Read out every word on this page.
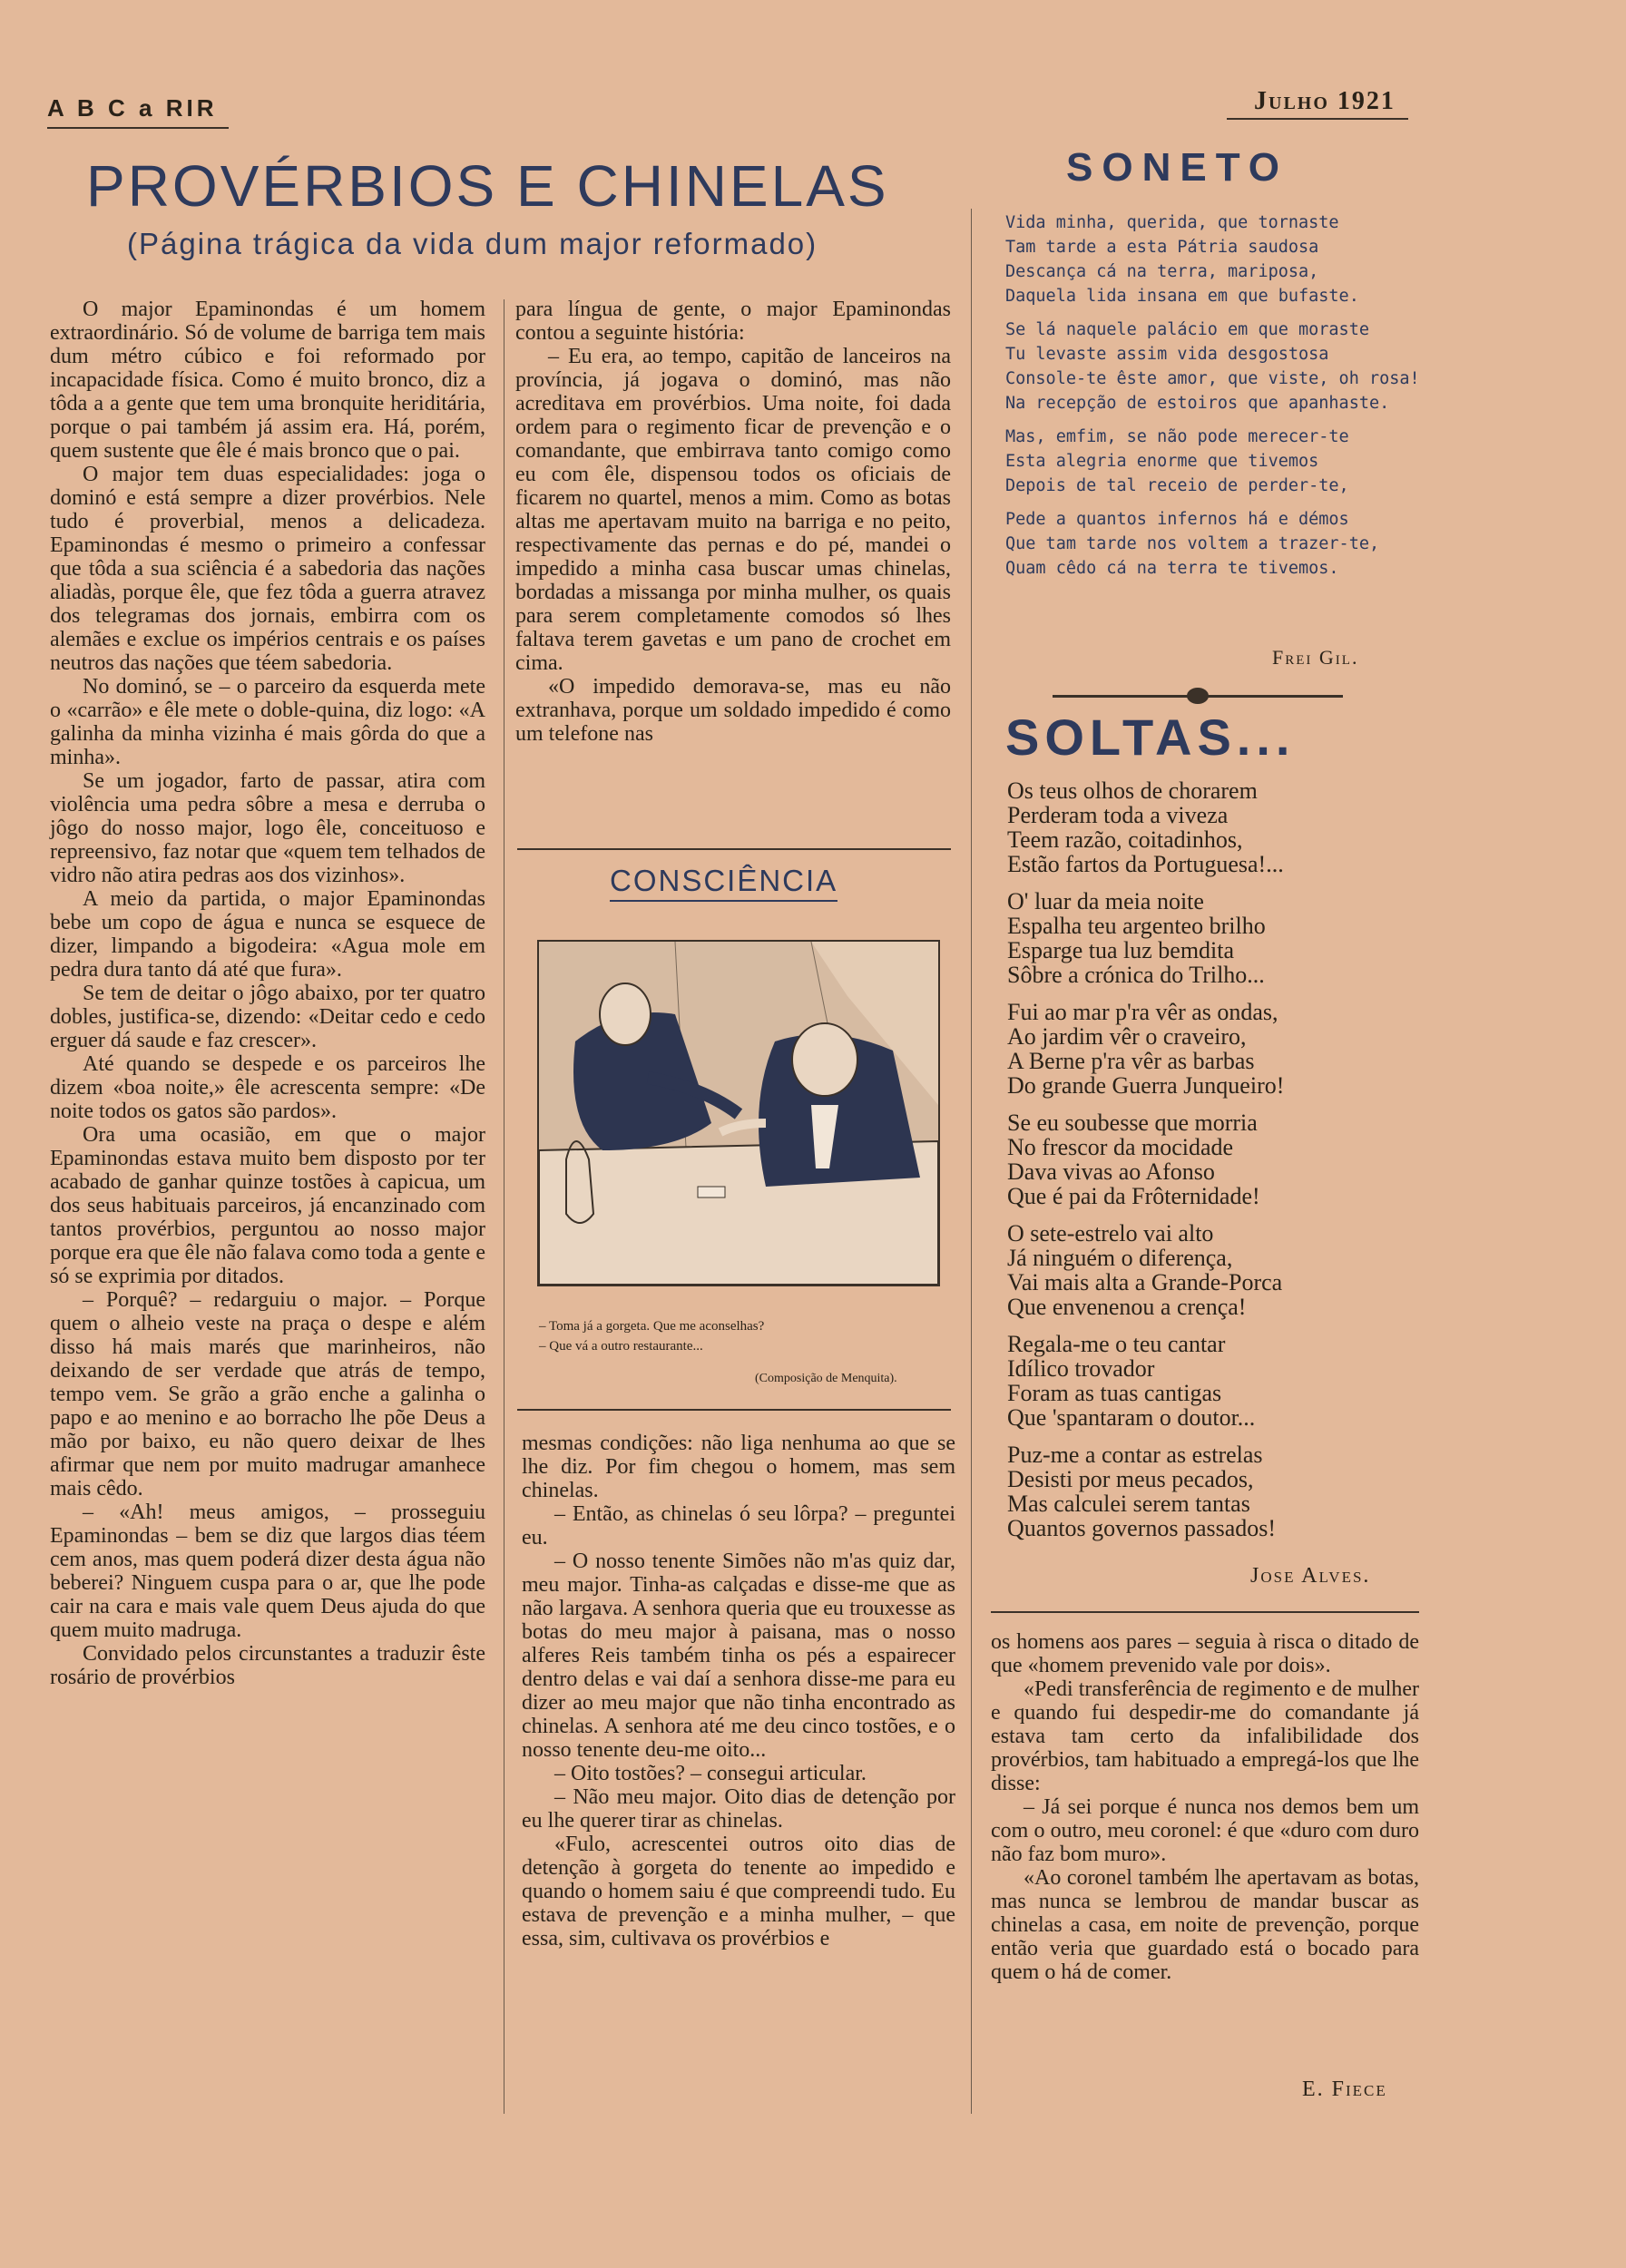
A B C a RIR	Julho 1921
PROVÉRBIOS E CHINELAS
(Página trágica da vida dum major reformado)

O major Epaminondas é um homem extraordinário. Só de volume de barriga tem mais dum métro cúbico e foi reformado por incapacidade física. Como é muito bronco, diz a tôda a a gente que tem uma bronquite heriditária, porque o pai também já assim era. Há, porém, quem sustente que êle é mais bronco que o pai.

O major tem duas especialidades: joga o dominó e está sempre a dizer provérbios. Nele tudo é proverbial, menos a delicadeza. Epaminondas é mesmo o primeiro a confessar que tôda a sua sciência é a sabedoria das nações aliadàs, porque êle, que fez tôda a guerra atravez dos telegramas dos jornais, embirra com os alemães e exclue os impérios centrais e os países neutros das nações que téem sabedoria.

No dominó, se – o parceiro da esquerda mete o «carrão» e êle mete o doble-quina, diz logo: «A galinha da minha vizinha é mais gôrda do que a minha».

Se um jogador, farto de passar, atira com violência uma pedra sôbre a mesa e derruba o jôgo do nosso major, logo êle, conceituoso e repreensivo, faz notar que «quem tem telhados de vidro não atira pedras aos dos vizinhos».

A meio da partida, o major Epaminondas bebe um copo de água e nunca se esquece de dizer, limpando a bigodeira: «Agua mole em pedra dura tanto dá até que fura».

Se tem de deitar o jôgo abaixo, por ter quatro dobles, justifica-se, dizendo: «Deitar cedo e cedo erguer dá saude e faz crescer».

Até quando se despede e os parceiros lhe dizem «boa noite,» êle acrescenta sempre: «De noite todos os gatos são pardos».

Ora uma ocasião, em que o major Epaminondas estava muito bem disposto por ter acabado de ganhar quinze tostões à capicua, um dos seus habituais parceiros, já encanzinado com tantos provérbios, perguntou ao nosso major porque era que êle não falava como toda a gente e só se exprimia por ditados.

– Porquê? – redarguiu o major. – Porque quem o alheio veste na praça o despe e além disso há mais marés que marinheiros, não deixando de ser verdade que atrás de tempo, tempo vem. Se grão a grão enche a galinha o papo e ao menino e ao borracho lhe põe Deus a mão por baixo, eu não quero deixar de lhes afirmar que nem por muito madrugar amanhece mais cêdo.

– «Ah! meus amigos, – prosseguiu Epaminondas – bem se diz que largos dias téem cem anos, mas quem poderá dizer desta água não beberei? Ninguem cuspa para o ar, que lhe pode cair na cara e mais vale quem Deus ajuda do que quem muito madruga.

Convidado pelos circunstantes a traduzir êste rosário de provérbios

para língua de gente, o major Epaminondas contou a seguinte história:

– Eu era, ao tempo, capitão de lanceiros na província, já jogava o dominó, mas não acreditava em provérbios. Uma noite, foi dada ordem para o regimento ficar de prevenção e o comandante, que embirrava tanto comigo como eu com êle, dispensou todos os oficiais de ficarem no quartel, menos a mim. Como as botas altas me apertavam muito na barriga e no peito, respectivamente das pernas e do pé, mandei o impedido a minha casa buscar umas chinelas, bordadas a missanga por minha mulher, os quais para serem completamente comodos só lhes faltava terem gavetas e um pano de crochet em cima.

«O impedido demorava-se, mas eu não extranhava, porque um soldado impedido é como um telefone nas

CONSCIÊNCIA
– Toma já a gorgeta. Que me aconselhas?
– Que vá a outro restaurante...
(Composição de Menquita).

mesmas condições: não liga nenhuma ao que se lhe diz. Por fim chegou o homem, mas sem chinelas.

– Então, as chinelas ó seu lôrpa? – preguntei eu.

– O nosso tenente Simões não m'as quiz dar, meu major. Tinha-as calçadas e disse-me que as não largava. A senhora queria que eu trouxesse as botas do meu major à paisana, mas o nosso alferes Reis também tinha os pés a espairecer dentro delas e vai daí a senhora disse-me para eu dizer ao meu major que não tinha encontrado as chinelas. A senhora até me deu cinco tostões, e o nosso tenente deu-me oito...

– Oito tostões? – consegui articular.

– Não meu major. Oito dias de detenção por eu lhe querer tirar as chinelas.

«Fulo, acrescentei outros oito dias de detenção à gorgeta do tenente ao impedido e quando o homem saiu é que compreendi tudo. Eu estava de prevenção e a minha mulher, – que essa, sim, cultivava os provérbios e

SONETO
Vida minha, querida, que tornaste
Tam tarde a esta Pátria saudosa
Descança cá na terra, mariposa,
Daquela lida insana em que bufaste.
Se lá naquele palácio em que moraste
Tu levaste assim vida desgostosa
Console-te êste amor, que viste, oh rosa!
Na recepção de estoiros que apanhaste.
Mas, emfim, se não pode merecer-te
Esta alegria enorme que tivemos
Depois de tal receio de perder-te,
Pede a quantos infernos há e démos
Que tam tarde nos voltem a trazer-te,
Quam cêdo cá na terra te tivemos.
Frei Gil.
SOLTAS...
Os teus olhos de chorarem
Perderam toda a viveza
Teem razão, coitadinhos,
Estão fartos da Portuguesa!...
O' luar da meia noite
Espalha teu argenteo brilho
Esparge tua luz bemdita
Sôbre a crónica do Trilho...
Fui ao mar p'ra vêr as ondas,
Ao jardim vêr o craveiro,
A Berne p'ra vêr as barbas
Do grande Guerra Junqueiro!
Se eu soubesse que morria
No frescor da mocidade
Dava vivas ao Afonso
Que é pai da Frôternidade!
O sete-estrelo vai alto
Já ninguém o diferença,
Vai mais alta a Grande-Porca
Que envenenou a crença!
Regala-me o teu cantar
Idílico trovador
Foram as tuas cantigas
Que 'spantaram o doutor...
Puz-me a contar as estrelas
Desisti por meus pecados,
Mas calculei serem tantas
Quantos governos passados!
Jose Alves.

os homens aos pares – seguia à risca o ditado de que «homem prevenido vale por dois».

«Pedi transferência de regimento e de mulher e quando fui despedir-me do comandante já estava tam certo da infalibilidade dos provérbios, tam habituado a empregá-los que lhe disse:

– Já sei porque é nunca nos demos bem um com o outro, meu coronel: é que «duro com duro não faz bom muro».

«Ao coronel também lhe apertavam as botas, mas nunca se lembrou de mandar buscar as chinelas a casa, em noite de prevenção, porque então veria que guardado está o bocado para quem o há de comer.

E. Fiece
